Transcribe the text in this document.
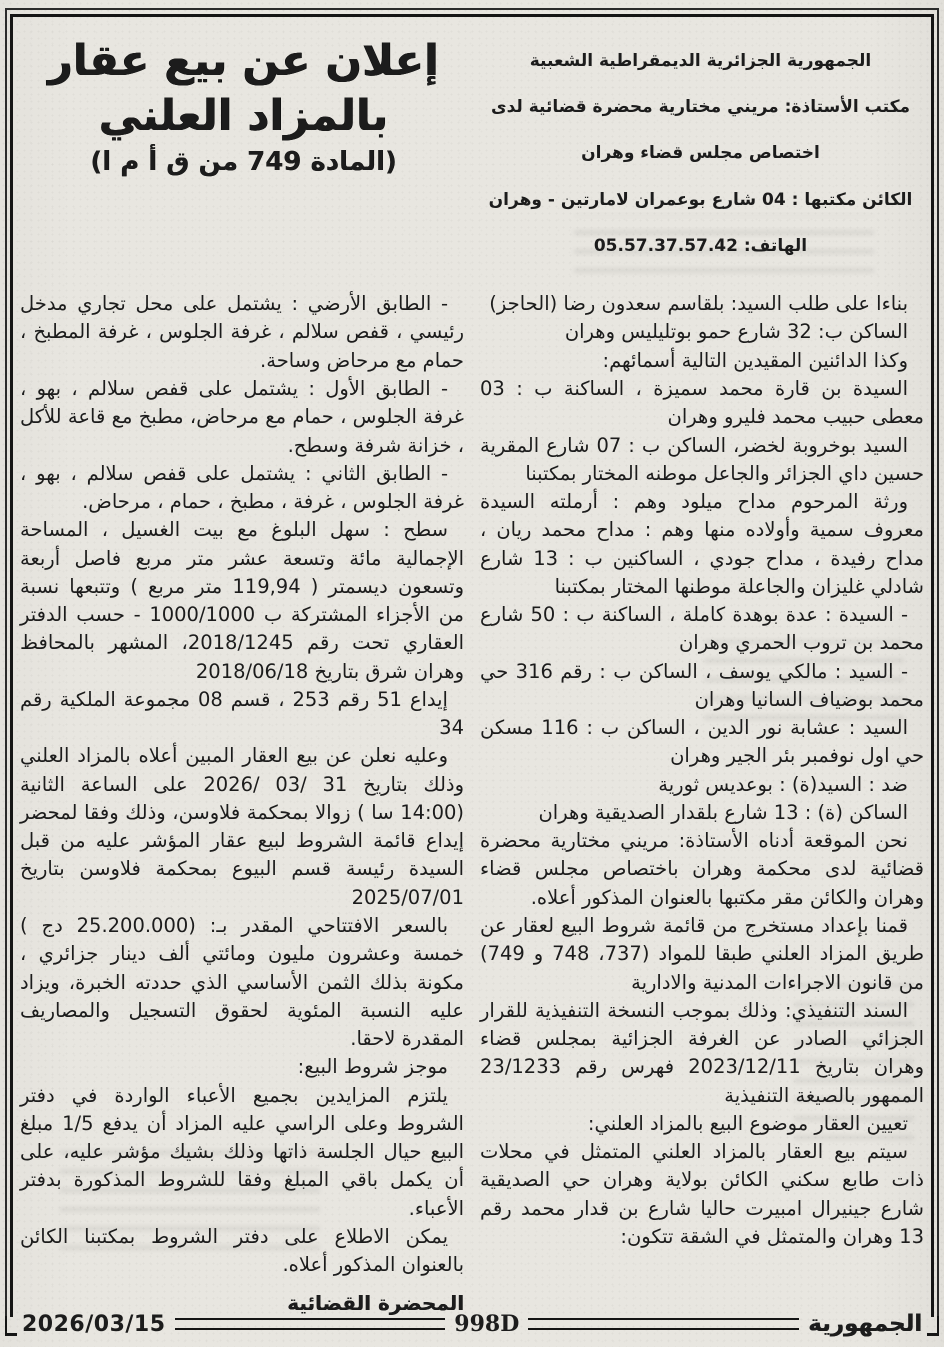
الجمهورية الجزائرية الديمقراطية الشعبية

مكتب الأستاذة: مريني مختارية محضرة قضائية لدى

اختصاص مجلس قضاء وهران

الكائن مكتبها : 04 شارع بوعمران لامارتين - وهران

الهاتف: 05.57.37.57.42

إعلان عن بيع عقار
بالمزاد العلني
(المادة 749 من ق أ م ا)

بناءا على طلب السيد: بلقاسم سعدون رضا (الحاجز)

الساكن ب: 32 شارع حمو بوتليليس وهران

وكذا الدائنين المقيدين التالية أسمائهم:

السيدة بن قارة محمد سميزة ، الساكنة ب : 03 معطى حبيب محمد فليرو وهران

السيد بوخروبة لخضر، الساكن ب : 07 شارع المقرية حسين داي الجزائر والجاعل موطنه المختار بمكتبنا

ورثة المرحوم مداح ميلود وهم : أرملته السيدة معروف سمية وأولاده منها وهم : مداح محمد ريان ، مداح رفيدة ، مداح جودي ، الساكنين ب : 13 شارع شادلي غليزان والجاعلة موطنها المختار بمكتبنا

- السيدة : عدة بوهدة كاملة ، الساكنة ب : 50 شارع محمد بن تروب الحمري وهران

- السيد : مالكي يوسف ، الساكن ب : رقم 316 حي محمد بوضياف السانيا وهران

السيد : عشابة نور الدين ، الساكن ب : 116 مسكن حي اول نوفمبر بئر الجير وهران

ضد : السيد(ة) : بوعديس ثورية

الساكن (ة) : 13 شارع بلقدار الصديقية وهران

نحن الموقعة أدناه الأستاذة: مريني مختارية محضرة قضائية لدى محكمة وهران باختصاص مجلس قضاء وهران والكائن مقر مكتبها بالعنوان المذكور أعلاه.

قمنا بإعداد مستخرج من قائمة شروط البيع لعقار عن طريق المزاد العلني طبقا للمواد (737، 748 و 749) من قانون الاجراءات المدنية والادارية

السند التنفيذي: وذلك بموجب النسخة التنفيذية للقرار الجزائي الصادر عن الغرفة الجزائية بمجلس قضاء وهران بتاريخ 2023/12/11 فهرس رقم 23/1233 الممهور بالصيغة التنفيذية

تعيين العقار موضوع البيع بالمزاد العلني:

سيتم بيع العقار بالمزاد العلني المتمثل في محلات ذات طابع سكني الكائن بولاية وهران حي الصديقية شارع جينيرال امبيرت حاليا شارع بن قدار محمد رقم 13 وهران والمتمثل في الشقة تتكون:

- الطابق الأرضي : يشتمل على محل تجاري مدخل رئيسي ، قفص سلالم ، غرفة الجلوس ، غرفة المطبخ ، حمام مع مرحاض وساحة.

- الطابق الأول : يشتمل على قفص سلالم ، بهو ، غرفة الجلوس ، حمام مع مرحاض، مطبخ مع قاعة للأكل ، خزانة شرفة وسطح.

- الطابق الثاني : يشتمل على قفص سلالم ، بهو ، غرفة الجلوس ، غرفة ، مطبخ ، حمام ، مرحاض.

سطح : سهل البلوغ مع بيت الغسيل ، المساحة الإجمالية مائة وتسعة عشر متر مربع فاصل أربعة وتسعون ديسمتر ( 119,94 متر مربع ) وتتبعها نسبة من الأجزاء المشتركة ب 1000/1000 - حسب الدفتر العقاري تحت رقم 2018/1245، المشهر بالمحافظ وهران شرق بتاريخ 2018/06/18

إيداع 51 رقم 253 ، قسم 08 مجموعة الملكية رقم 34

وعليه نعلن عن بيع العقار المبين أعلاه بالمزاد العلني وذلك بتاريخ 31 /03 /2026 على الساعة الثانية (14:00 سا ) زوالا بمحكمة فلاوسن، وذلك وفقا لمحضر إيداع قائمة الشروط لبيع عقار المؤشر عليه من قبل السيدة رئيسة قسم البيوع بمحكمة فلاوسن بتاريخ 2025/07/01

بالسعر الافتتاحي المقدر بـ: (25.200.000 دج ) خمسة وعشرون مليون ومائتي ألف دينار جزائري ، مكونة بذلك الثمن الأساسي الذي حددته الخبرة، ويزاد عليه النسبة المئوية لحقوق التسجيل والمصاريف المقدرة لاحقا.

موجز شروط البيع:

يلتزم المزايدين بجميع الأعباء الواردة في دفتر الشروط وعلى الراسي عليه المزاد أن يدفع 1/5 مبلغ البيع حيال الجلسة ذاتها وذلك بشيك مؤشر عليه، على أن يكمل باقي المبلغ وفقا للشروط المذكورة بدفتر الأعباء.

يمكن الاطلاع على دفتر الشروط بمكتبنا الكائن بالعنوان المذكور أعلاه.

المحضرة القضائية
2026/03/15	998D	الجمهورية
